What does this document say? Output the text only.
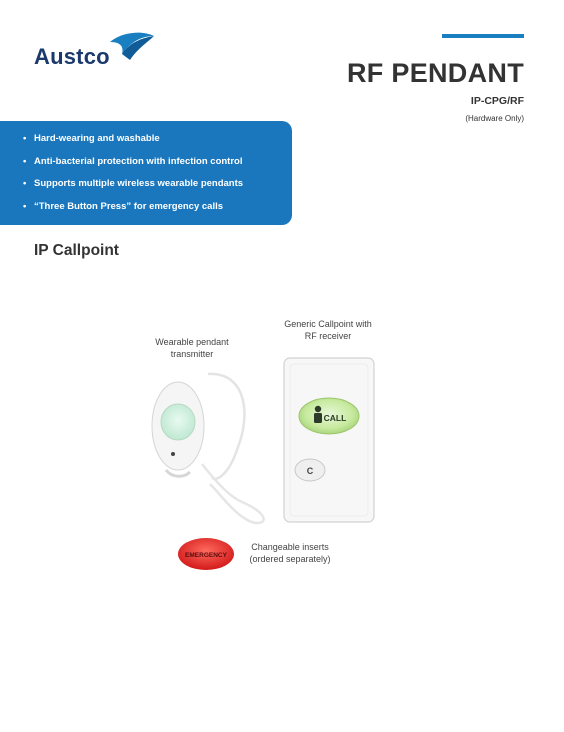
Austco
RF PENDANT
IP-CPG/RF
(Hardware Only)
• Hard-wearing and washable
• Anti-bacterial protection with infection control
• Supports multiple wireless wearable pendants
• “Three Button Press” for emergency calls
IP Callpoint
CALL
C
EMERGENCY
Wearable pendant
transmitter
Generic Callpoint with
RF receiver
Changeable inserts
(ordered separately)
